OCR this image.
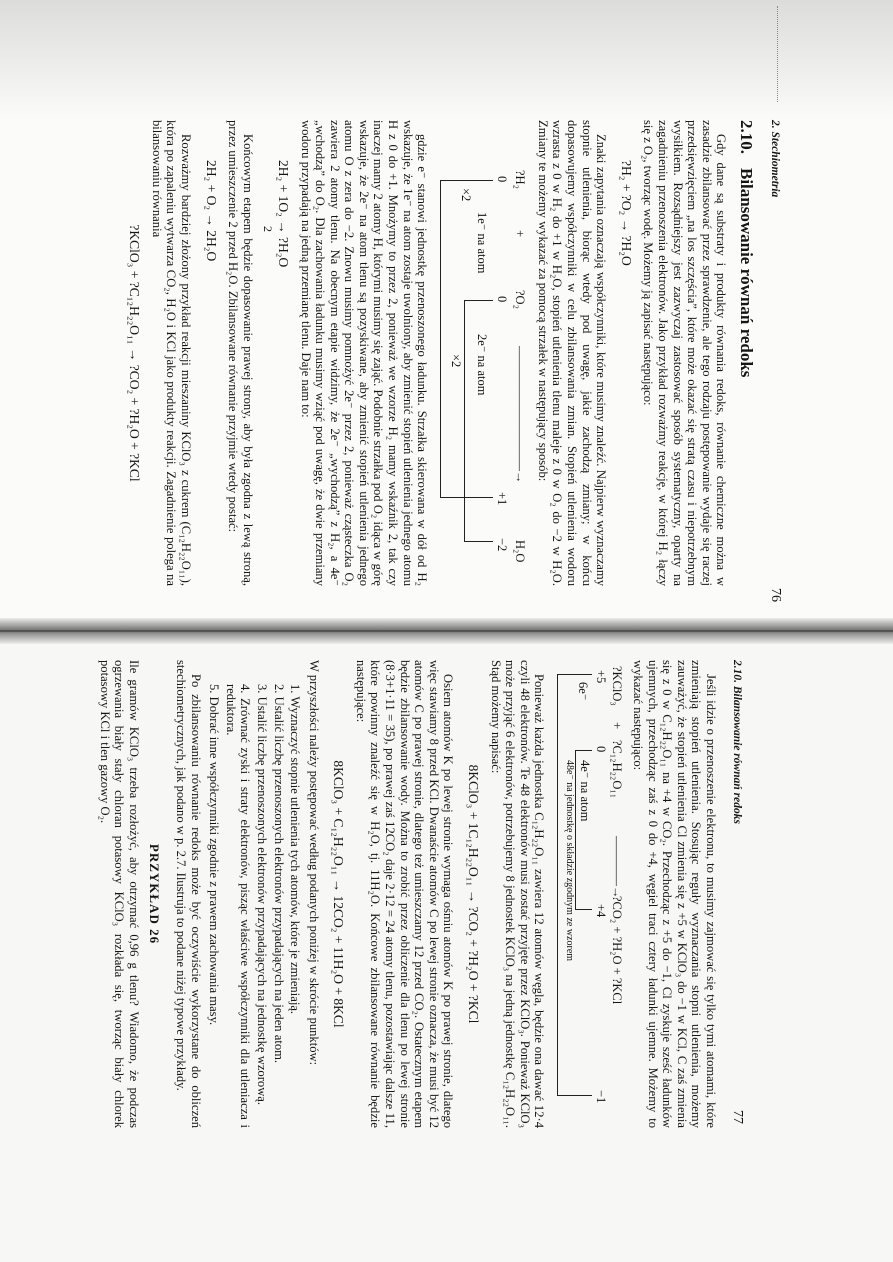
2. Stechiometria
76
2.10.Bilansowanie równań redoks

Gdy dane są substraty i produkty równania redoks, równanie chemiczne można w zasadzie zbilansować przez sprawdzenie, ale tego rodzaju postępowanie wydaje się raczej przedsięwzięciem „na los szczęścia”, które może okazać się stratą czasu i niepotrzebnym wysiłkiem. Rozsądniejszy jest zazwyczaj zastosować sposób systematyczny, oparty na zagadnieniu przenoszenia elektronów. Jako przykład rozważmy reakcję, w której H₂ łączy się z O₂, tworząc wodę. Możemy ją zapisać następująco:

?H₂ + ?O₂ → ?H₂O

Znaki zapytania oznaczają współczynniki, które musimy znaleźć. Najpierw wyznaczamy stopnie utlenienia, biorąc wtedy pod uwagę, jakie zachodzą zmiany; w końcu dopasowujemy współczynniki w celu zbilansowania zmian. Stopień utlenienia wodoru wzrasta z 0 w H₂ do +1 w H₂O, stopień utlenienia tlenu maleje z 0 w O₂ do −2 w H₂O. Zmiany te możemy wykazać za pomocą strzałek w następujący sposób:

?H₂
+
?O₂
——————————→
H₂O
0
0
+1
−2
1e⁻ na atom
2e⁻ na atom
×2
×2

gdzie e⁻ stanowi jednostkę przenoszonego ładunku. Strzałka skierowana w dół od H₂ wskazuje, że 1e⁻ na atom zostaje uwolniony, aby zmienić stopień utlenienia jednego atomu H z 0 do +1. Mnożymy to przez 2, ponieważ we wzorze H₂ mamy wskaźnik 2, tak czy inaczej mamy 2 atomy H, którymi musimy się zająć. Podobnie strzałka pod O₂ idąca w górę wskazuje, że 2e⁻ na atom tlenu są pozyskiwane, aby zmienić stopień utlenienia jednego atomu O z zera do −2. Znowu musimy pomnożyć 2e⁻ przez 2, ponieważ cząsteczka O₂ zawiera 2 atomy tlenu. Na obecnym etapie widzimy, że 2e⁻ „wychodzą” z H₂, a 4e⁻ „wchodzą” do O₂. Dla zachowania ładunku musimy wziąć pod uwagę, że dwie przemiany wodoru przypadają na jedną przemianę tlenu. Daje nam to:

2H₂ + 1O₂ → ?H₂O
2

Końcowym etapem będzie dopasowanie prawej strony, aby była zgodna z lewą stroną, przez umieszczenie 2 przed H₂O. Zbilansowane równanie przyjmie wtedy postać:

2H₂ + O₂ → 2H₂O

Rozważmy bardziej złożony przykład reakcji mieszaniny KClO₃ z cukrem (C₁₂H₂₂O₁₁), która po zapaleniu wytwarza CO₂, H₂O i KCl jako produkty reakcji. Zagadnienie polega na bilansowaniu równania

?KClO₃ + ?C₁₂H₂₂O₁₁ → ?CO₂ + ?H₂O + ?KCl
2.10. Bilansowanie równań redoks
77

Jeśli idzie o przenoszenie elektronu, to musimy zajmować się tylko tymi atomami, które zmieniają stopień utlenienia. Stosując reguły wyznaczania stopni utlenienia, możemy zauważyć, że stopień utlenienia Cl zmienia się z +5 w KClO₃ do −1 w KCl, C zaś zmienia się z 0 w C₁₂H₂₂O₁₁ na +4 w CO₂. Przechodząc z +5 do −1, Cl zyskuje sześć ładunków ujemnych, przechodząc zaś z 0 do +4, węgiel traci cztery ładunki ujemne. Możemy to wykazać następująco:

?KClO₃
+
?C₁₂H₂₂O₁₁
————→
?CO₂ + ?H₂O + ?KCl
+5
0
+4
−1
6e⁻
4e⁻ na atom
48e⁻ na jednostkę o składzie zgodnym ze wzorem

Ponieważ każda jednostka C₁₂H₂₂O₁₁ zawiera 12 atomów węgla, będzie ona dawać 12·4 czyli 48 elektronów. Te 48 elektronów musi zostać przyjęte przez KClO₃. Ponieważ KClO₃ może przyjąć 6 elektronów, potrzebujemy 8 jednostek KClO₃ na jedną jednostkę C₁₂H₂₂O₁₁. Stąd możemy napisać:

8KClO₃ + 1C₁₂H₂₂O₁₁ → ?CO₂ + ?H₂O + ?KCl

Osiem atomów K po lewej stronie wymaga ośmiu atomów K po prawej stronie, dlatego więc stawiamy 8 przed KCl. Dwanaście atomów C po lewej stronie oznacza, że musi być 12 atomów C po prawej stronie, dlatego też umieszczamy 12 przed CO₂. Ostatecznym etapem będzie zbilansowanie wody. Można to zrobić przez obliczenie dla tlenu po lewej stronie (8·3+1·11 = 35), po prawej zaś 12CO₂ daje 2·12 = 24 atomy tlenu, pozostawiając dalsze 11, które powinny znaleźć się w H₂O, tj. 11H₂O. Końcowe zbilansowane równanie będzie następujące:

8KClO₃ + C₁₂H₂₂O₁₁ → 12CO₂ + 11H₂O + 8KCl

W przyszłości należy postępować według podanych poniżej w skrócie punktów:

1. Wyznaczyć stopnie utlenienia tych atomów, które je zmieniają.
2. Ustalić liczbę przenoszonych elektronów przypadających na jeden atom.
3. Ustalić liczbę przenoszonych elektronów przypadających na jednostkę wzorową.
4. Zrównać zyski i straty elektronów, pisząc właściwe współczynniki dla utleniacza i reduktora.
5. Dobrać inne współczynniki zgodnie z prawem zachowania masy.

Po zbilansowaniu równanie redoks może być oczywiście wykorzystane do obliczeń stechiometrycznych, jak podano w p. 2.7. Ilustruja to podane niżej typowe przykłady.

PRZYKŁAD 26

Ile gramów KClO₃ trzeba rozłożyć, aby otrzymać 0,96 g tlenu? Wiadomo, że podczas ogrzewania biały stały chloran potasowy KClO₃ rozkłada się, tworząc biały chlorek potasowy KCl i tlen gazowy O₂.
